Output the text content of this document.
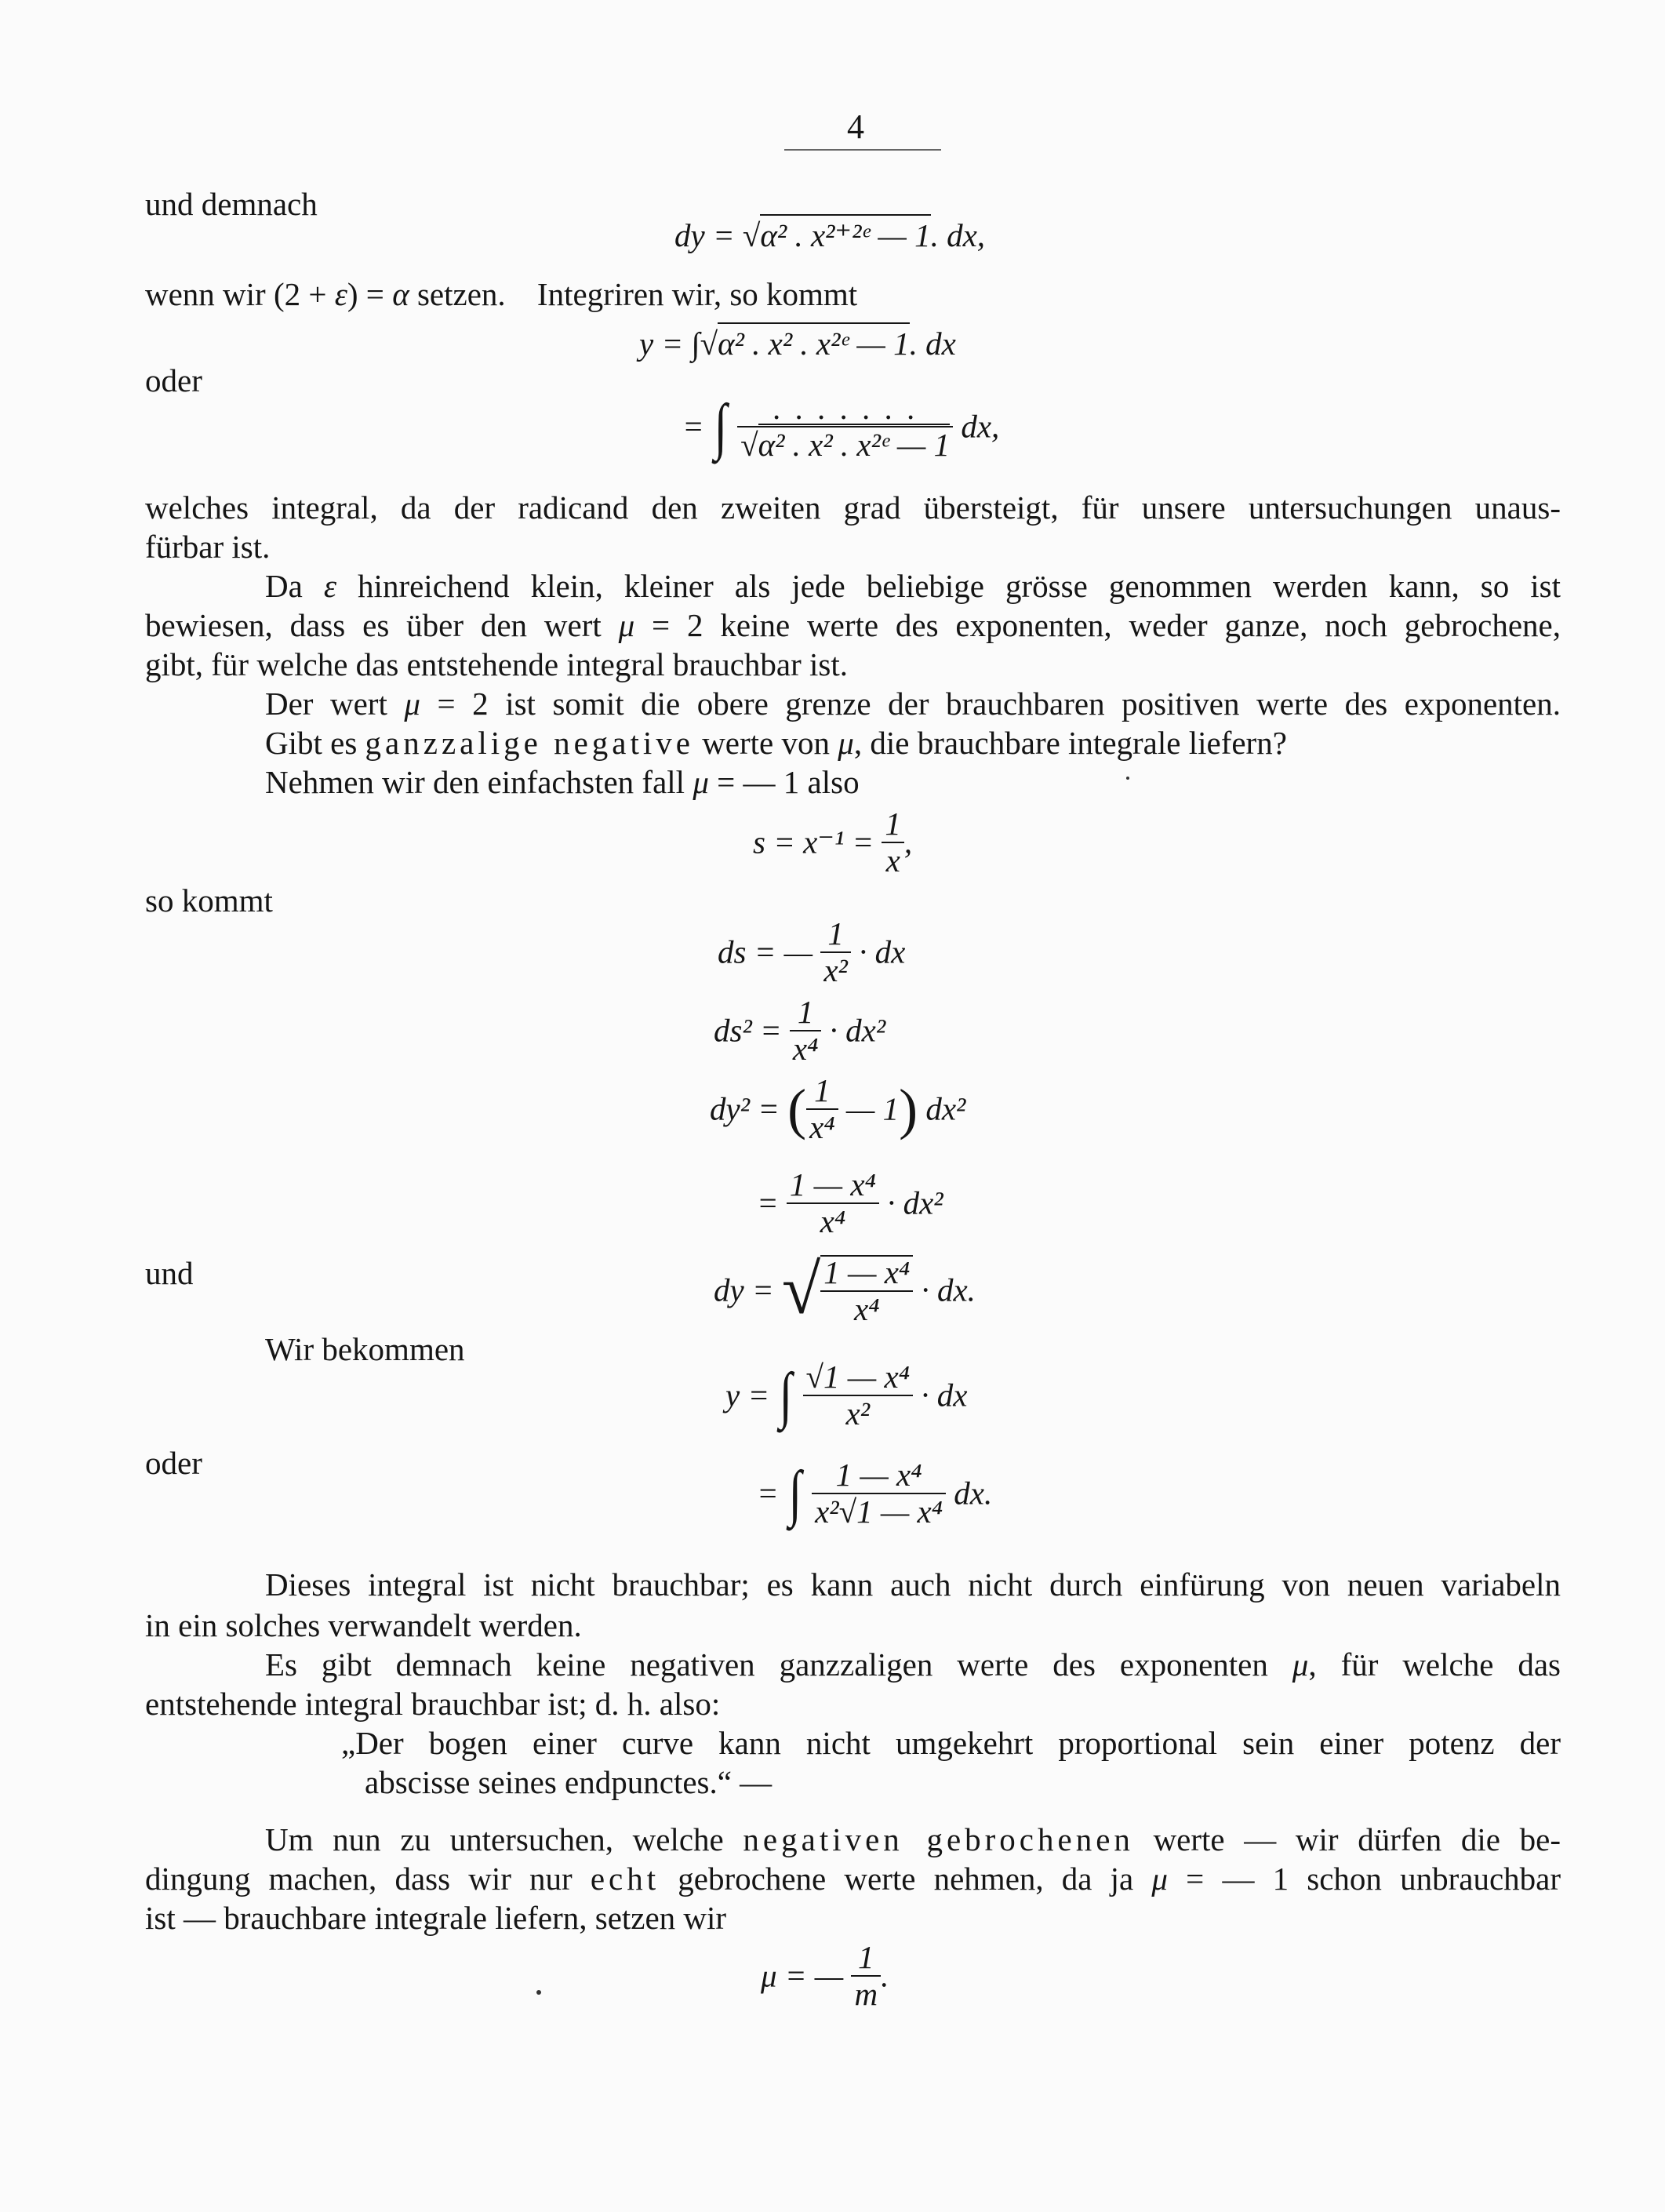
4
und demnach
dy = √α² . x²⁺²ᵉ — 1. dx,
wenn wir (2 + ε) = α setzen. Integriren wir, so kommt
y = ∫√α² . x² . x²ᵉ — 1. dx
oder
= ∫ $\frac{. . . . . . .}{\text{√α² . x² . x²ᵉ — 1}}$ dx,
welches integral, da der radicand den zweiten grad übersteigt, für unsere untersuchungen unaus-
fürbar ist.
Da ε hinreichend klein, kleiner als jede beliebige grösse genommen werden kann, so ist
bewiesen, dass es über den wert μ = 2 keine werte des exponenten, weder ganze, noch gebrochene,
gibt, für welche das entstehende integral brauchbar ist.
Der wert μ = 2 ist somit die obere grenze der brauchbaren positiven werte des exponenten.
Gibt es ganzzalige negative werte von μ, die brauchbare integrale liefern?
Nehmen wir den einfachsten fall μ = — 1 also
$s = x^{-1} = \frac{1}{x}$ ,
so kommt
ds = — $\frac{1}{\text{x²}}$ · dx
$ds^2 = \frac{1}{\text{x⁴}} \cdot dx^2$
dy² = ( $\frac{1}{\text{x⁴}}$ — 1) dx²
= $\frac{\text{1 — x⁴}}{\text{x⁴}} \cdot dx^2$
und	dy = √ $\frac{\text{1 — x⁴}}{\text{x⁴}}$ · dx.
Wir bekommen
y = ∫ $\frac{\text{√1 — x⁴}}{\text{x²}}$ · dx
oder
= ∫ $\frac{\text{1 — x⁴}}{\text{x²√1 — x⁴}}$ dx.
Dieses integral ist nicht brauchbar; es kann auch nicht durch einfürung von neuen variabeln
in ein solches verwandelt werden.
Es gibt demnach keine negativen ganzzaligen werte des exponenten μ, für welche das
entstehende integral brauchbar ist; d. h. also:
„Der bogen einer curve kann nicht umgekehrt proportional sein einer potenz der
abscisse seines endpunctes.“ —
Um nun zu untersuchen, welche negativen gebrochenen werte — wir dürfen die be-
dingung machen, dass wir nur echt gebrochene werte nehmen, da ja μ = — 1 schon unbrauchbar
ist — brauchbare integrale liefern, setzen wir
μ = — $\frac{1}{m}$ .
